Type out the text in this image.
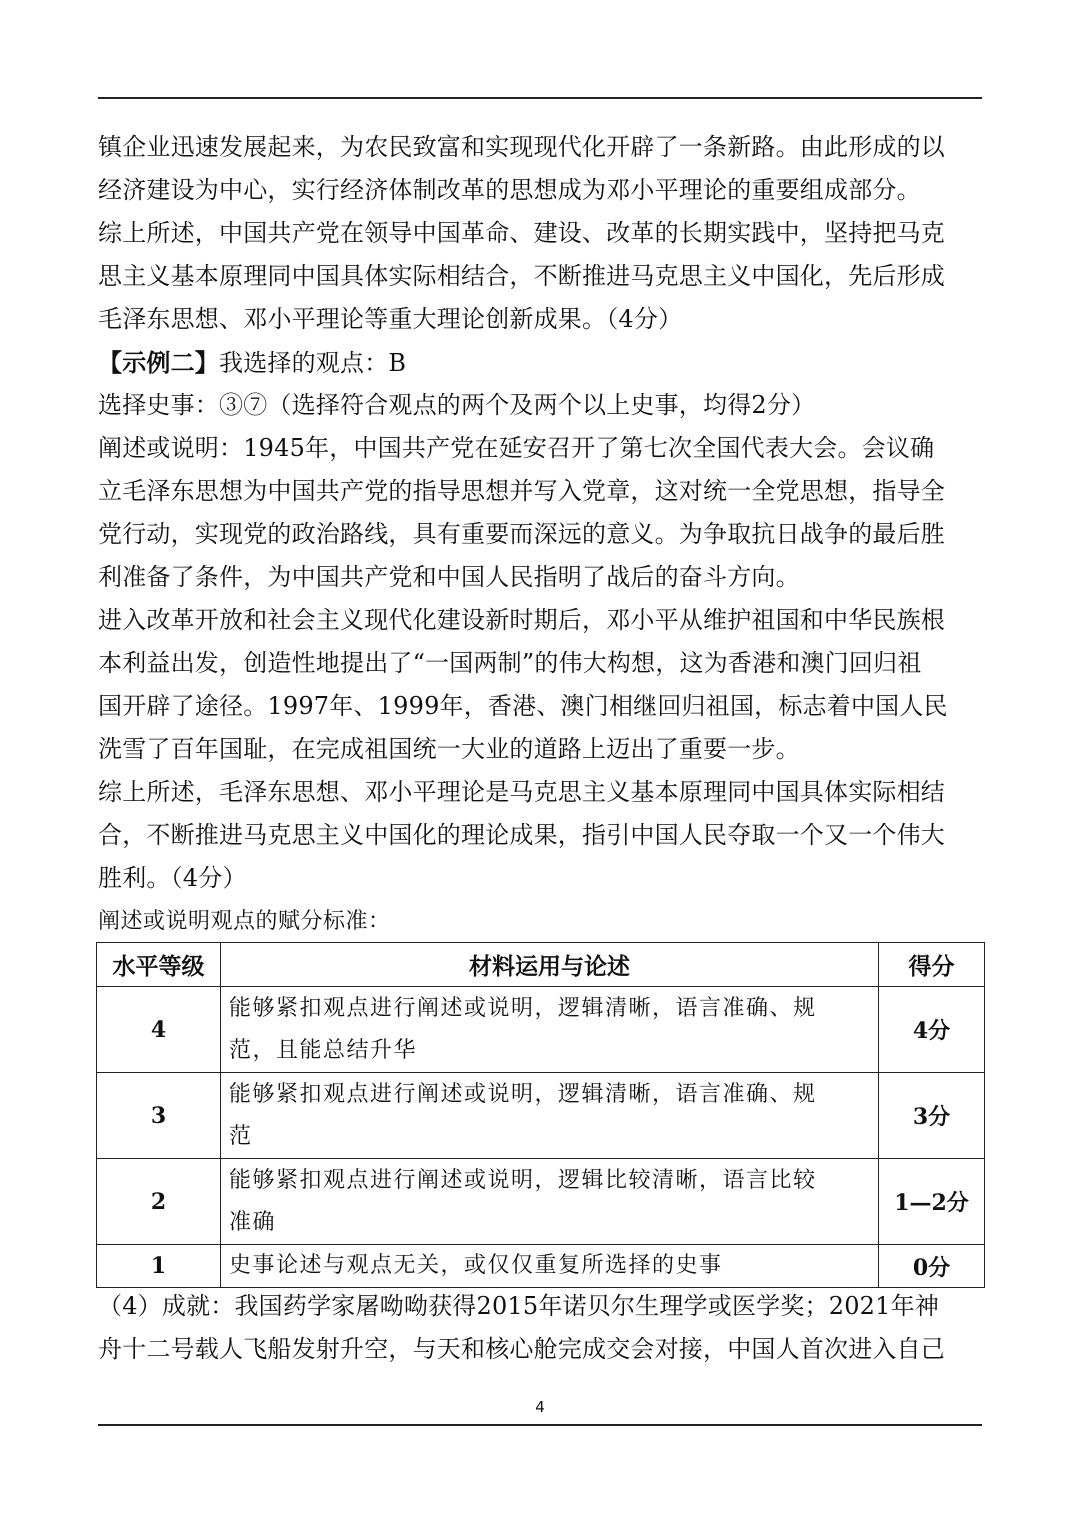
镇企业迅速发展起来，为农民致富和实现现代化开辟了一条新路。由此形成的以
经济建设为中心，实行经济体制改革的思想成为邓小平理论的重要组成部分。
综上所述，中国共产党在领导中国革命、建设、改革的长期实践中，坚持把马克
思主义基本原理同中国具体实际相结合，不断推进马克思主义中国化，先后形成
毛泽东思想、邓小平理论等重大理论创新成果。（4分）
【示例二】我选择的观点：B
选择史事：③⑦（选择符合观点的两个及两个以上史事，均得2分）
阐述或说明：1945年，中国共产党在延安召开了第七次全国代表大会。会议确
立毛泽东思想为中国共产党的指导思想并写入党章，这对统一全党思想，指导全
党行动，实现党的政治路线，具有重要而深远的意义。为争取抗日战争的最后胜
利准备了条件，为中国共产党和中国人民指明了战后的奋斗方向。
进入改革开放和社会主义现代化建设新时期后，邓小平从维护祖国和中华民族根
本利益出发，创造性地提出了“一国两制”的伟大构想，这为香港和澳门回归祖
国开辟了途径。1997年、1999年，香港、澳门相继回归祖国，标志着中国人民
洗雪了百年国耻，在完成祖国统一大业的道路上迈出了重要一步。
综上所述，毛泽东思想、邓小平理论是马克思主义基本原理同中国具体实际相结
合，不断推进马克思主义中国化的理论成果，指引中国人民夺取一个又一个伟大
胜利。（4分）
阐述或说明观点的赋分标准：
水平等级	材料运用与论述	得分
4	能够紧扣观点进行阐述或说明，逻辑清晰，语言准确、规
范，且能总结升华	4分
3	能够紧扣观点进行阐述或说明，逻辑清晰，语言准确、规
范	3分
2	能够紧扣观点进行阐述或说明，逻辑比较清晰，语言比较
准确	1—2分
1	史事论述与观点无关，或仅仅重复所选择的史事	0分
（4）成就：我国药学家屠呦呦获得2015年诺贝尔生理学或医学奖；2021年神
舟十二号载人飞船发射升空，与天和核心舱完成交会对接，中国人首次进入自己
4
